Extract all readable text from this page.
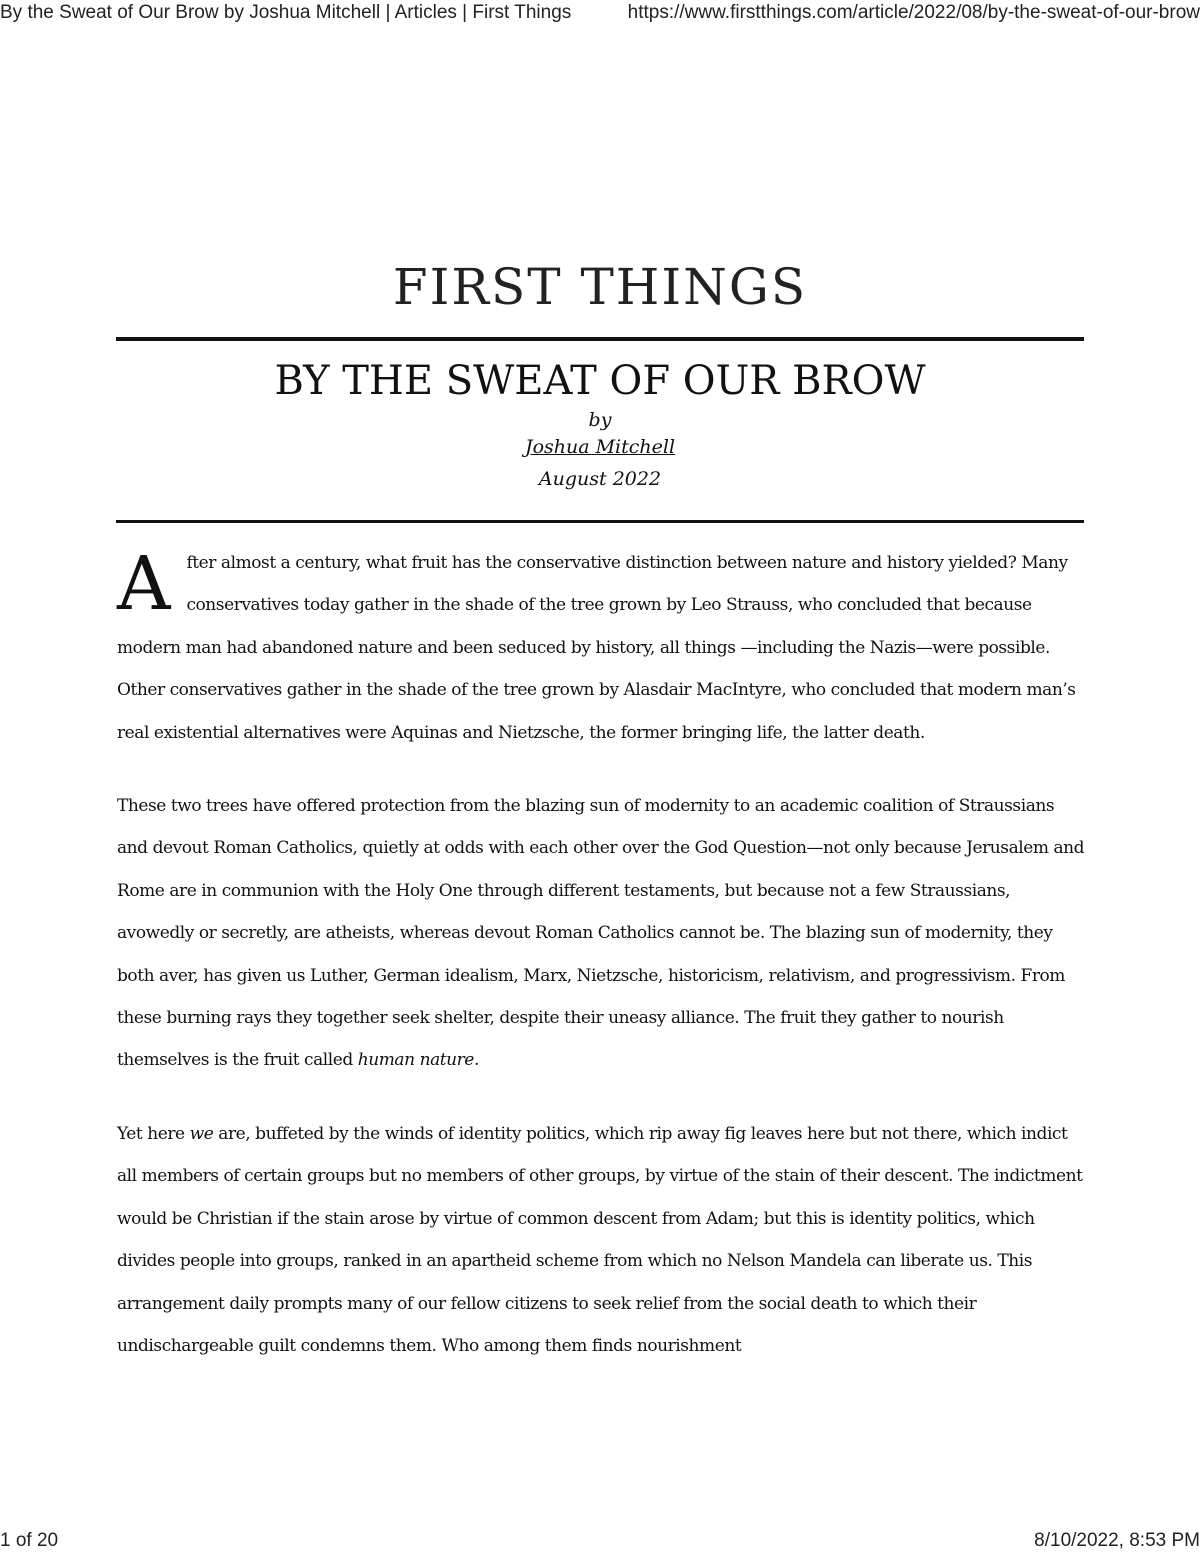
By the Sweat of Our Brow by Joshua Mitchell | Articles | First Things	https://www.firstthings.com/article/2022/08/by-the-sweat-of-our-brow
FIRST THINGS
BY THE SWEAT OF OUR BROW
by
Joshua Mitchell
August 2022

After almost a century, what fruit has the conservative distinction between nature and history yielded? Many conservatives today gather in the shade of the tree grown by Leo Strauss, who concluded that because modern man had abandoned nature and been seduced by history, all things —including the Nazis—were possible. Other conservatives gather in the shade of the tree grown by Alasdair MacIntyre, who concluded that modern man’s real existential alternatives were Aquinas and Nietzsche, the former bringing life, the latter death.

These two trees have offered protection from the blazing sun of modernity to an academic coalition of Straussians and devout Roman Catholics, quietly at odds with each other over the God Question—not only because Jerusalem and Rome are in communion with the Holy One through different testaments, but because not a few Straussians, avowedly or secretly, are atheists, whereas devout Roman Catholics cannot be. The blazing sun of modernity, they both aver, has given us Luther, German idealism, Marx, Nietzsche, historicism, relativism, and progressivism. From these burning rays they together seek shelter, despite their uneasy alliance. The fruit they gather to nourish themselves is the fruit called human nature.

Yet here we are, buffeted by the winds of identity politics, which rip away fig leaves here but not there, which indict all members of certain groups but no members of other groups, by virtue of the stain of their descent. The indictment would be Christian if the stain arose by virtue of common descent from Adam; but this is identity politics, which divides people into groups, ranked in an apartheid scheme from which no Nelson Mandela can liberate us. This arrangement daily prompts many of our fellow citizens to seek relief from the social death to which their undischargeable guilt condemns them. Who among them finds nourishment

1 of 20	8/10/2022, 8:53 PM
